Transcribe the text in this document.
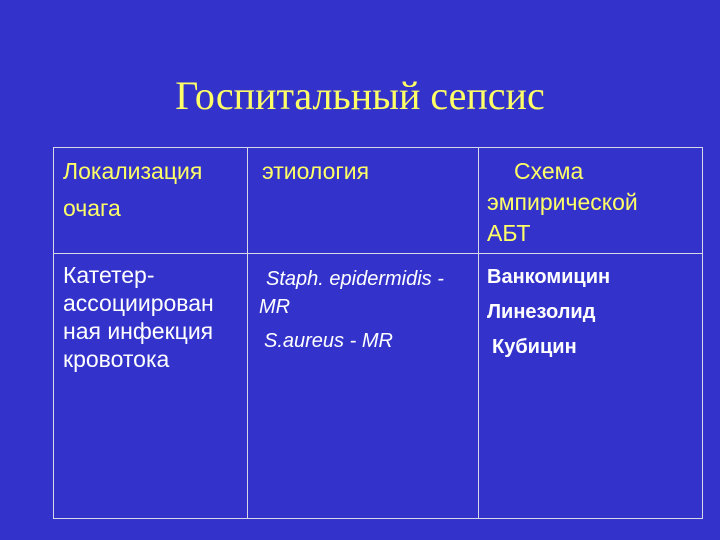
Госпитальный сепсис
Локализация
очага
этиология	Схема
эмпирической
АБТ
Катетер-
ассоциирован
ная инфекция
кровотока
Staph. epidermidis -
MR
S.aureus - MR
Ванкомицин
Линезолид
Кубицин
